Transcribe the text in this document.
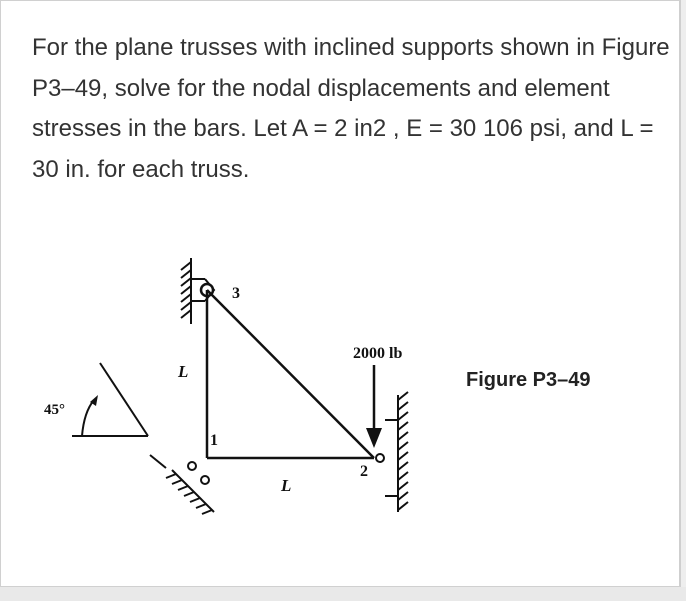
For the plane trusses with inclined supports shown in Figure P3–49, solve for the nodal displacements and element stresses in the bars. Let A = 2 in2 , E = 30 106 psi, and L = 30 in. for each truss.

45°
2000 lb
3
1
2
L
L
Figure P3–49
